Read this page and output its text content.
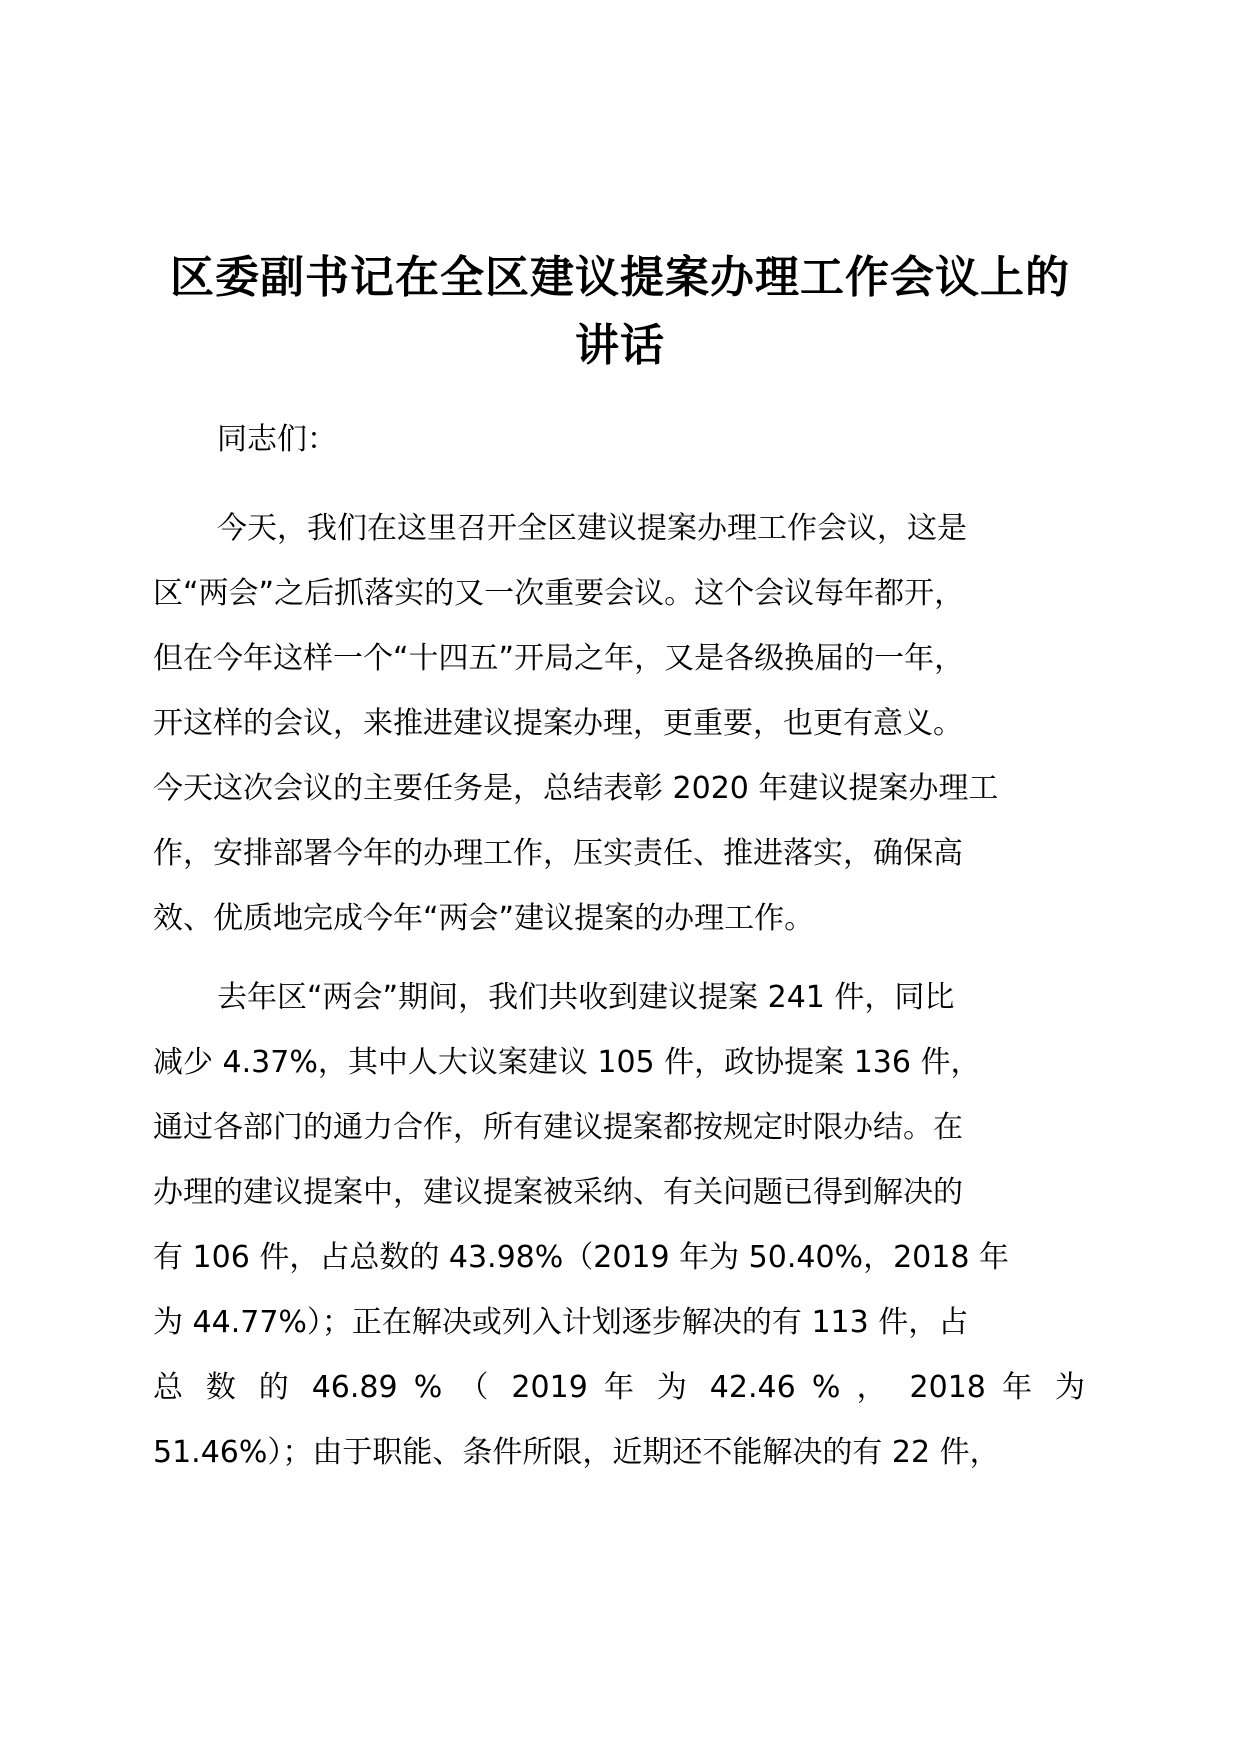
区委副书记在全区建议提案办理工作会议上的
讲话
同志们：
今天，我们在这里召开全区建议提案办理工作会议，这是
区“两会”之后抓落实的又一次重要会议。这个会议每年都开，
但在今年这样一个“十四五”开局之年，又是各级换届的一年，
开这样的会议，来推进建议提案办理，更重要，也更有意义。
今天这次会议的主要任务是，总结表彰 2020 年建议提案办理工
作，安排部署今年的办理工作，压实责任、推进落实，确保高
效、优质地完成今年“两会”建议提案的办理工作。
去年区“两会”期间，我们共收到建议提案 241 件，同比
减少 4.37%，其中人大议案建议 105 件，政协提案 136 件，
通过各部门的通力合作，所有建议提案都按规定时限办结。在
办理的建议提案中，建议提案被采纳、有关问题已得到解决的
有 106 件，占总数的 43.98%（2019 年为 50.40%，2018 年
为 44.77%）；正在解决或列入计划逐步解决的有 113 件，占
总 数 的 46.89 % （ 2019 年 为 42.46 % ， 2018 年 为
51.46%）；由于职能、条件所限，近期还不能解决的有 22 件，
